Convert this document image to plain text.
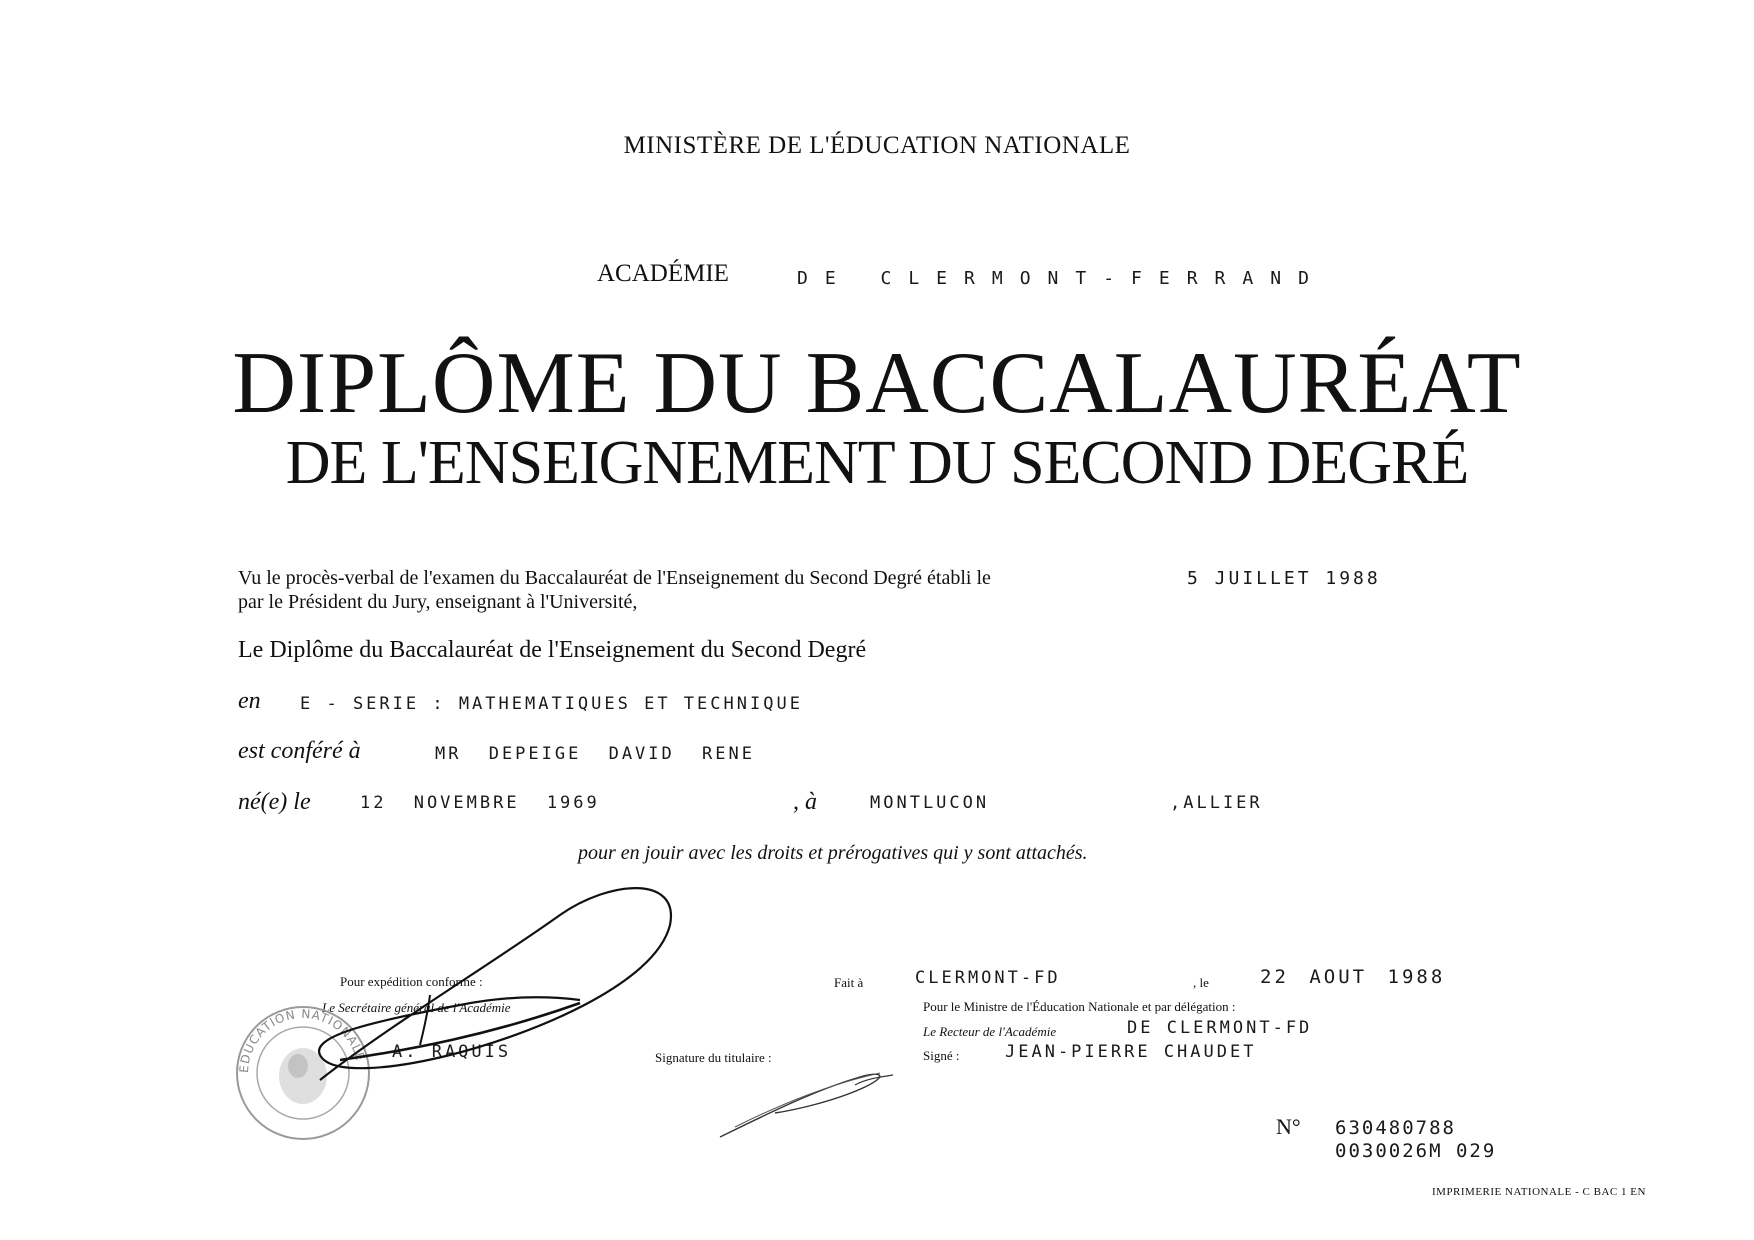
MINISTÈRE DE L'ÉDUCATION NATIONALE
ACADÉMIE	DE CLERMONT-FERRAND
DIPLÔME DU BACCALAURÉAT
DE L'ENSEIGNEMENT DU SECOND DEGRÉ
Vu le procès-verbal de l'examen du Baccalauréat de l'Enseignement du Second Degré établi le	5 JUILLET 1988
par le Président du Jury, enseignant à l'Université,
Le Diplôme du Baccalauréat de l'Enseignement du Second Degré
en E - SERIE : MATHEMATIQUES ET TECHNIQUE
est conféré à	MR DEPEIGE DAVID RENE
né(e) le	12 NOVEMBRE 1969	, à	MONTLUCON	,ALLIER
pour en jouir avec les droits et prérogatives qui y sont attachés.
Pour expédition conforme :
Le Secrétaire général de l'Académie
A. RAQUIS	Signature du titulaire :
Fait à	CLERMONT-FD	, le	22 AOUT 1988
Pour le Ministre de l'Éducation Nationale et par délégation :
Le Recteur de l'Académie	DE CLERMONT-FD
Signé :	JEAN-PIERRE CHAUDET
N° 630480788
0030026M 029
IMPRIMERIE NATIONALE - C BAC 1 EN
ÉDUCATION NATIONALE
